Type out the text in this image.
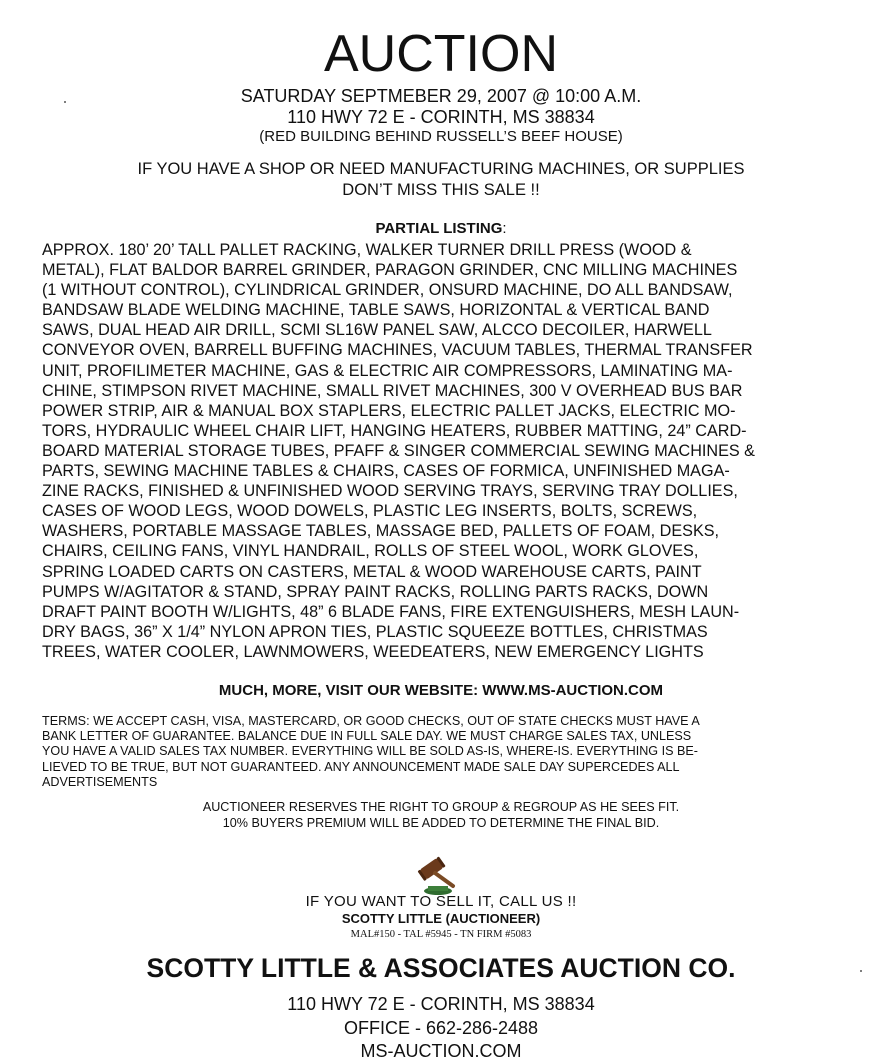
AUCTION
SATURDAY SEPTMEBER 29, 2007 @ 10:00 A.M.
110 HWY 72 E - CORINTH, MS 38834
(RED BUILDING BEHIND RUSSELL’S BEEF HOUSE)
IF YOU HAVE A SHOP OR NEED MANUFACTURING MACHINES, OR SUPPLIES
DON’T MISS THIS SALE !!
PARTIAL LISTING:
APPROX. 180’ 20’ TALL PALLET RACKING, WALKER TURNER DRILL PRESS (WOOD &
METAL), FLAT BALDOR BARREL GRINDER, PARAGON GRINDER, CNC MILLING MACHINES
(1 WITHOUT CONTROL), CYLINDRICAL GRINDER, ONSURD MACHINE, DO ALL BANDSAW,
BANDSAW BLADE WELDING MACHINE, TABLE SAWS, HORIZONTAL & VERTICAL BAND
SAWS, DUAL HEAD AIR DRILL, SCMI SL16W PANEL SAW, ALCCO DECOILER, HARWELL
CONVEYOR OVEN, BARRELL BUFFING MACHINES, VACUUM TABLES, THERMAL TRANSFER
UNIT, PROFILIMETER MACHINE, GAS & ELECTRIC AIR COMPRESSORS, LAMINATING MA-
CHINE, STIMPSON RIVET MACHINE, SMALL RIVET MACHINES, 300 V OVERHEAD BUS BAR
POWER STRIP, AIR & MANUAL BOX STAPLERS, ELECTRIC PALLET JACKS, ELECTRIC MO-
TORS, HYDRAULIC WHEEL CHAIR LIFT, HANGING HEATERS, RUBBER MATTING, 24” CARD-
BOARD MATERIAL STORAGE TUBES, PFAFF & SINGER COMMERCIAL SEWING MACHINES &
PARTS, SEWING MACHINE TABLES & CHAIRS, CASES OF FORMICA, UNFINISHED MAGA-
ZINE RACKS, FINISHED & UNFINISHED WOOD SERVING TRAYS, SERVING TRAY DOLLIES,
CASES OF WOOD LEGS, WOOD DOWELS, PLASTIC LEG INSERTS, BOLTS, SCREWS,
WASHERS, PORTABLE MASSAGE TABLES, MASSAGE BED, PALLETS OF FOAM, DESKS,
CHAIRS, CEILING FANS, VINYL HANDRAIL, ROLLS OF STEEL WOOL, WORK GLOVES,
SPRING LOADED CARTS ON CASTERS, METAL & WOOD WAREHOUSE CARTS, PAINT
PUMPS W/AGITATOR & STAND, SPRAY PAINT RACKS, ROLLING PARTS RACKS, DOWN
DRAFT PAINT BOOTH W/LIGHTS, 48” 6 BLADE FANS, FIRE EXTENGUISHERS, MESH LAUN-
DRY BAGS, 36” X 1/4” NYLON APRON TIES, PLASTIC SQUEEZE BOTTLES, CHRISTMAS
TREES, WATER COOLER, LAWNMOWERS, WEEDEATERS, NEW EMERGENCY LIGHTS
MUCH, MORE, VISIT OUR WEBSITE: WWW.MS-AUCTION.COM
TERMS: WE ACCEPT CASH, VISA, MASTERCARD, OR GOOD CHECKS, OUT OF STATE CHECKS MUST HAVE A
BANK LETTER OF GUARANTEE. BALANCE DUE IN FULL SALE DAY. WE MUST CHARGE SALES TAX, UNLESS
YOU HAVE A VALID SALES TAX NUMBER. EVERYTHING WILL BE SOLD AS-IS, WHERE-IS. EVERYTHING IS BE-
LIEVED TO BE TRUE, BUT NOT GUARANTEED. ANY ANNOUNCEMENT MADE SALE DAY SUPERCEDES ALL
ADVERTISEMENTS
AUCTIONEER RESERVES THE RIGHT TO GROUP & REGROUP AS HE SEES FIT.
10% BUYERS PREMIUM WILL BE ADDED TO DETERMINE THE FINAL BID.
IF YOU WANT TO SELL IT, CALL US !!
SCOTTY LITTLE (AUCTIONEER)
MAL#150 - TAL #5945 - TN FIRM #5083
SCOTTY LITTLE & ASSOCIATES AUCTION CO.
110 HWY 72 E - CORINTH, MS 38834
OFFICE - 662-286-2488
MS-AUCTION.COM
